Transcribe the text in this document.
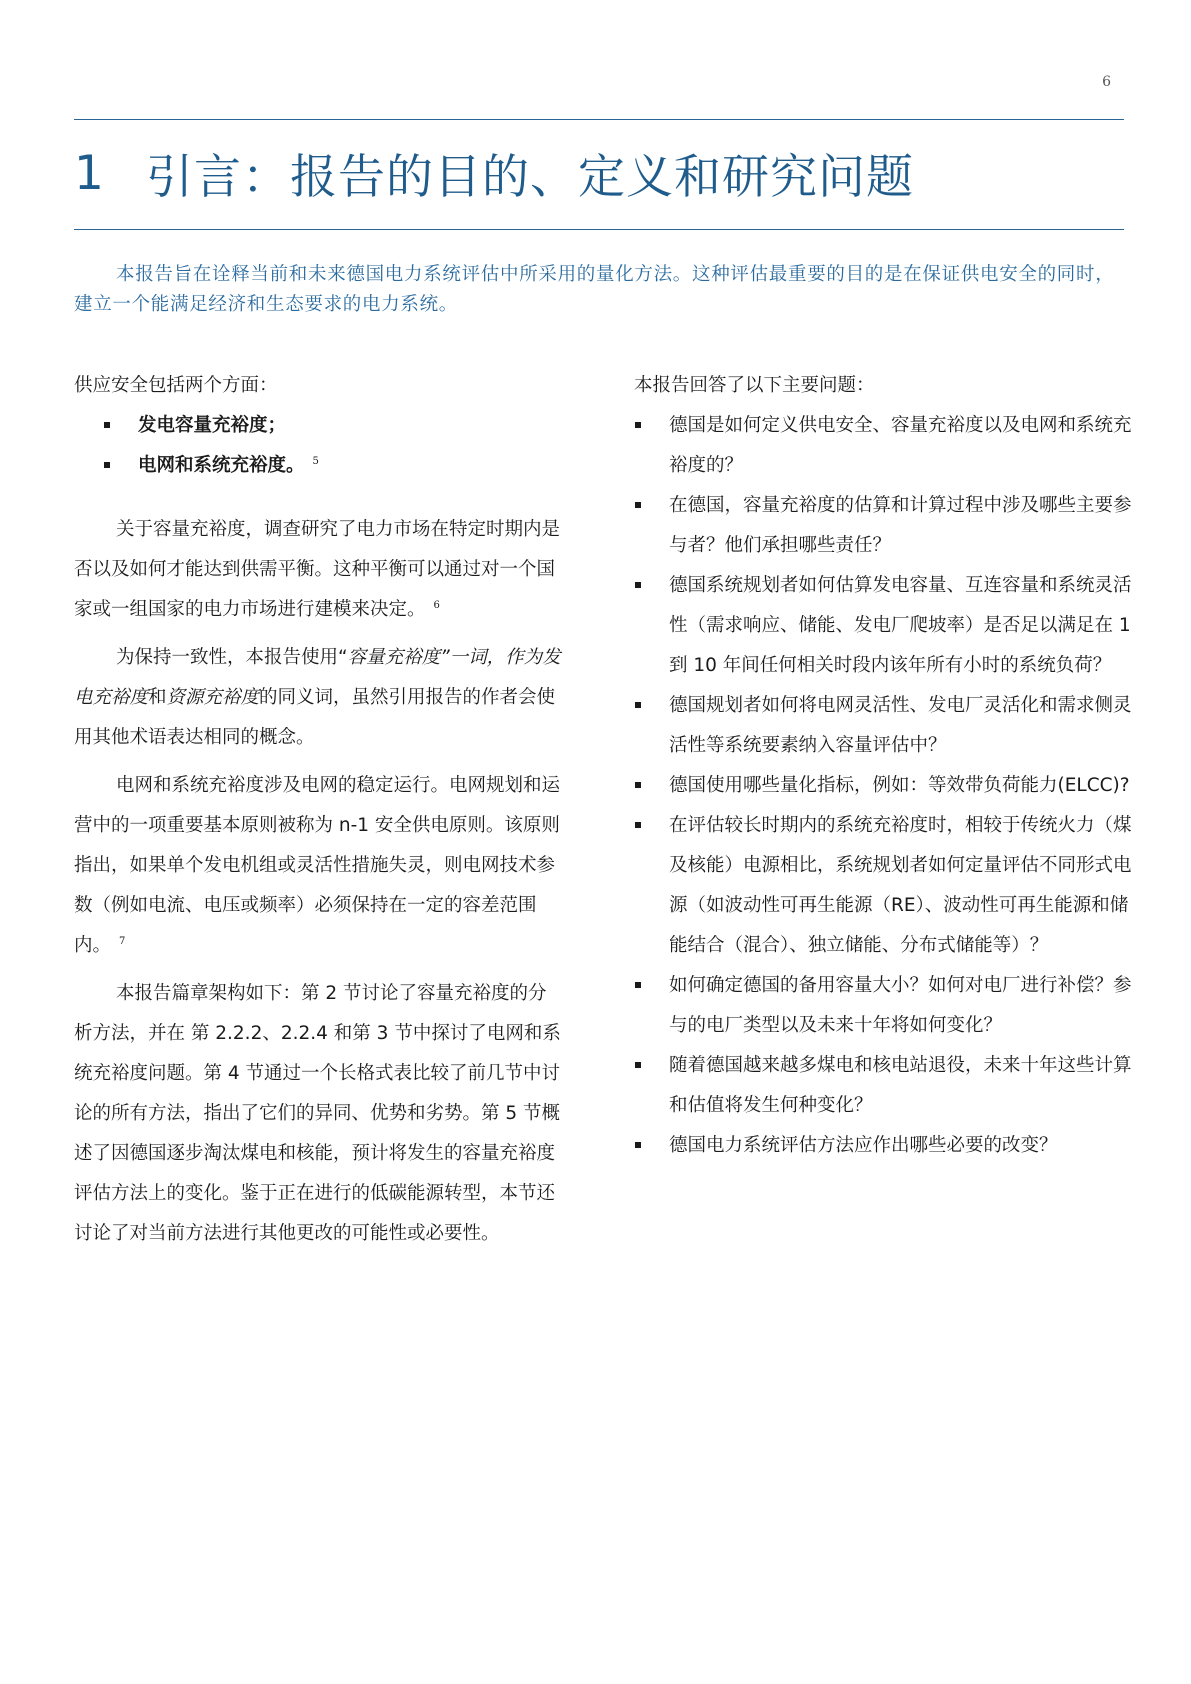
6
1 引言：报告的目的、定义和研究问题

本报告旨在诠释当前和未来德国电力系统评估中所采用的量化方法。这种评估最重要的目的是在保证供电安全的同时，建立一个能满足经济和生态要求的电力系统。

供应安全包括两个方面：

发电容量充裕度；
电网和系统充裕度。 $^5$

关于容量充裕度，调查研究了电力市场在特定时期内是否以及如何才能达到供需平衡。这种平衡可以通过对一个国家或一组国家的电力市场进行建模来决定。 $^6$

为保持一致性，本报告使用“容量充裕度”一词，作为发电充裕度和资源充裕度的同义词，虽然引用报告的作者会使用其他术语表达相同的概念。

电网和系统充裕度涉及电网的稳定运行。电网规划和运营中的一项重要基本原则被称为 n-1 安全供电原则。该原则指出，如果单个发电机组或灵活性措施失灵，则电网技术参数（例如电流、电压或频率）必须保持在一定的容差范围内。 $^7$

本报告篇章架构如下：第 2 节讨论了容量充裕度的分析方法，并在 第 2.2.2、2.2.4 和第 3 节中探讨了电网和系统充裕度问题。第 4 节通过一个长格式表比较了前几节中讨论的所有方法，指出了它们的异同、优势和劣势。第 5 节概述了因德国逐步淘汰煤电和核能，预计将发生的容量充裕度评估方法上的变化。鉴于正在进行的低碳能源转型，本节还讨论了对当前方法进行其他更改的可能性或必要性。

本报告回答了以下主要问题：

德国是如何定义供电安全、容量充裕度以及电网和系统充裕度的？
在德国，容量充裕度的估算和计算过程中涉及哪些主要参与者？他们承担哪些责任？
德国系统规划者如何估算发电容量、互连容量和系统灵活性（需求响应、储能、发电厂爬坡率）是否足以满足在 1 到 10 年间任何相关时段内该年所有小时的系统负荷？
德国规划者如何将电网灵活性、发电厂灵活化和需求侧灵活性等系统要素纳入容量评估中？
德国使用哪些量化指标，例如：等效带负荷能力(ELCC)?
在评估较长时期内的系统充裕度时，相较于传统火力（煤及核能）电源相比，系统规划者如何定量评估不同形式电源（如波动性可再生能源（RE）、波动性可再生能源和储能结合（混合）、独立储能、分布式储能等）？
如何确定德国的备用容量大小？如何对电厂进行补偿？参与的电厂类型以及未来十年将如何变化？
随着德国越来越多煤电和核电站退役，未来十年这些计算和估值将发生何种变化？
德国电力系统评估方法应作出哪些必要的改变？
